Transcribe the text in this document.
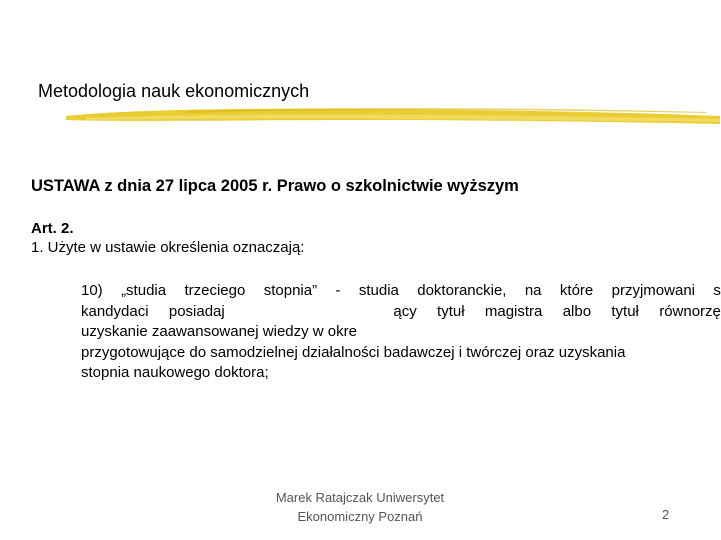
Metodologia nauk ekonomicznych
USTAWA z dnia 27 lipca 2005 r. Prawo o szkolnictwie wyższym
Art. 2.
1. Użyte w ustawie określenia oznaczają:
10) „studia trzeciego stopnia” - studia doktoranckie, na które przyjmowani s
kandydaci posiadaj	ący tytuł magistra albo tytuł równorzę
uzyskanie zaawansowanej wiedzy w okre
przygotowujące do samodzielnej działalności badawczej i twórczej oraz uzyskania
stopnia naukowego doktora;
Marek Ratajczak Uniwersytet
Ekonomiczny Poznań	2
